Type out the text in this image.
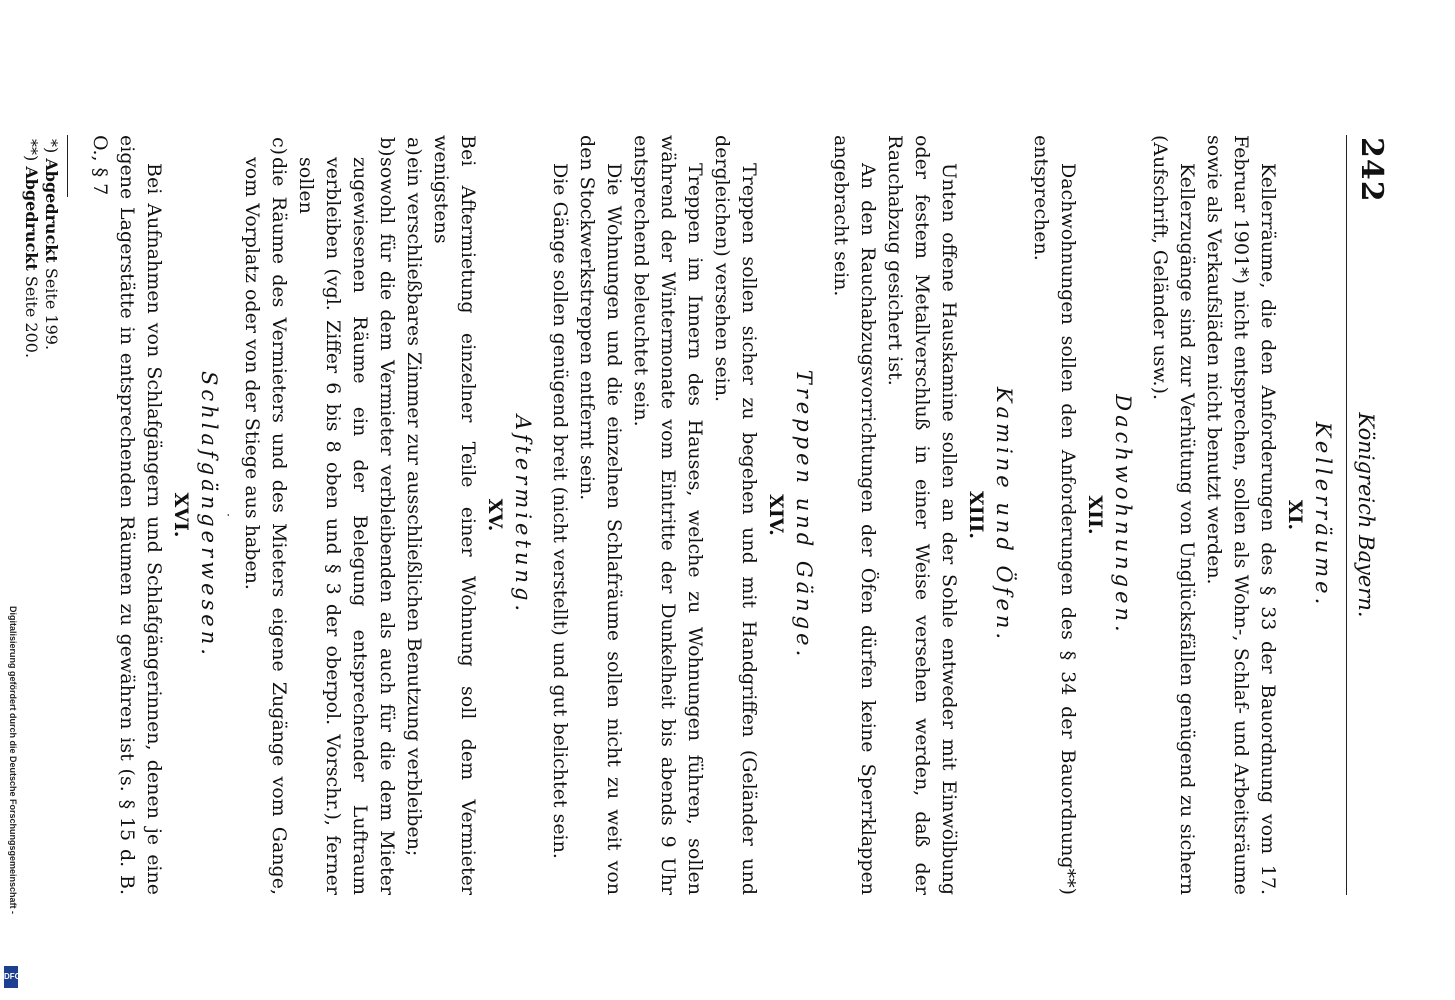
242
Königreich Bayern.
Kellerräume.
XI.

Kellerräume, die den Anforderungen des § 33 der Bauordnung vom 17. Februar 1901*) nicht entsprechen, sollen als Wohn-, Schlaf- und Arbeitsräume sowie als Verkaufsläden nicht benutzt werden.

Kellerzugänge sind zur Verhütung von Unglücksfällen genügend zu sichern (Aufschrift, Geländer usw.).

Dachwohnungen.
XII.

Dachwohnungen sollen den Anforderungen des § 34 der Bauordnung**) entsprechen.

Kamine und Öfen.
XIII.

Unten offene Hauskamine sollen an der Sohle entweder mit Einwölbung oder festem Metallverschluß in einer Weise versehen werden, daß der Rauchabzug gesichert ist.

An den Rauchabzugsvorrichtungen der Öfen dürfen keine Sperrklappen angebracht sein.

Treppen und Gänge.
XIV.

Treppen sollen sicher zu begehen und mit Handgriffen (Geländer und dergleichen) versehen sein.

Treppen im Innern des Hauses, welche zu Wohnungen führen, sollen während der Wintermonate vom Eintritte der Dunkelheit bis abends 9 Uhr entsprechend beleuchtet sein.

Die Wohnungen und die einzelnen Schlafräume sollen nicht zu weit von den Stockwerkstreppen entfernt sein.

Die Gänge sollen genügend breit (nicht verstellt) und gut belichtet sein.

Aftermietung.
XV.

Bei Aftermietung einzelner Teile einer Wohnung soll dem Vermieter wenigstens

a)
ein verschließbares Zimmer zur ausschließlichen Benutzung verbleiben;
b)
sowohl für die dem Vermieter verbleibenden als auch für die dem Mieter zugewiesenen Räume ein der Belegung entsprechender Luftraum verbleiben (vgl. Ziffer 6 bis 8 oben und § 3 der oberpol. Vorschr.), ferner sollen
c)
die Räume des Vermieters und des Mieters eigene Zugänge vom Gange, vom Vorplatz oder von der Stiege aus haben.
·
Schlafgängerwesen.
XVI.

Bei Aufnahmen von Schlafgängern und Schlafgängerinnen, denen je eine eigene Lagerstätte in entsprechenden Räumen zu gewähren ist (s. § 15 d. B. O., § 7

*) Abgedruckt Seite 199.
**) Abgedruckt Seite 200.
Digitalisierung gefördert durch die Deutsche Forschungsgemeinschaft -
DFG
